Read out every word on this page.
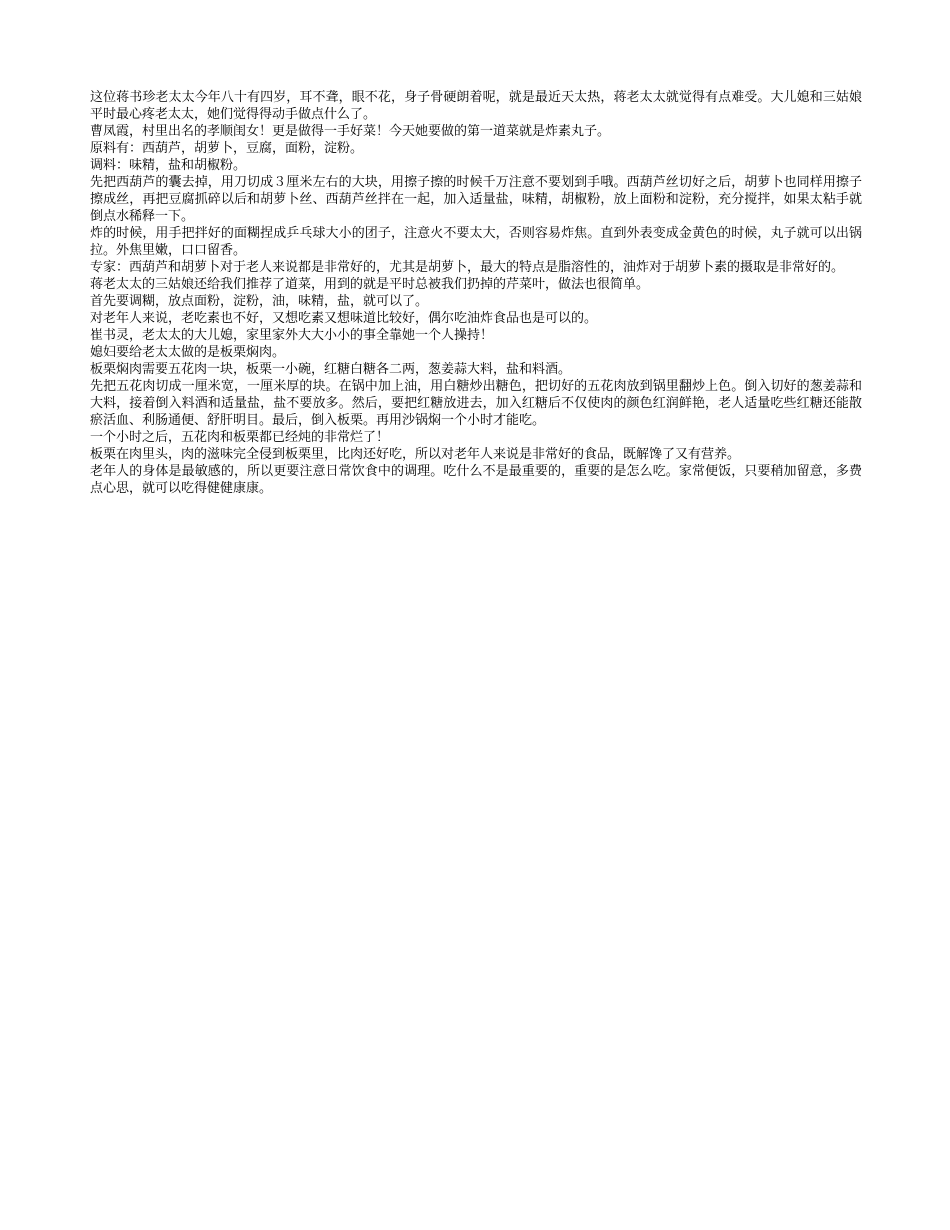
这位蒋书珍老太太今年八十有四岁，耳不聋，眼不花，身子骨硬朗着呢，就是最近天太热，蒋老太太就觉得有点难受。大儿媳和三姑娘平时最心疼老太太，她们觉得得动手做点什么了。

曹凤霞，村里出名的孝顺闺女！更是做得一手好菜！今天她要做的第一道菜就是炸素丸子。

原料有：西葫芦，胡萝卜，豆腐，面粉，淀粉。

调料：味精，盐和胡椒粉。

先把西葫芦的囊去掉，用刀切成３厘米左右的大块，用擦子擦的时候千万注意不要划到手哦。西葫芦丝切好之后，胡萝卜也同样用擦子擦成丝，再把豆腐抓碎以后和胡萝卜丝、西葫芦丝拌在一起，加入适量盐，味精，胡椒粉，放上面粉和淀粉，充分搅拌，如果太粘手就倒点水稀释一下。

炸的时候，用手把拌好的面糊捏成乒乓球大小的团子，注意火不要太大，否则容易炸焦。直到外表变成金黄色的时候，丸子就可以出锅拉。外焦里嫩，口口留香。

专家：西葫芦和胡萝卜对于老人来说都是非常好的，尤其是胡萝卜，最大的特点是脂溶性的，油炸对于胡萝卜素的摄取是非常好的。

蒋老太太的三姑娘还给我们推荐了道菜，用到的就是平时总被我们扔掉的芹菜叶，做法也很简单。

首先要调糊，放点面粉，淀粉，油，味精，盐，就可以了。

对老年人来说，老吃素也不好，又想吃素又想味道比较好，偶尔吃油炸食品也是可以的。

崔书灵，老太太的大儿媳，家里家外大大小小的事全靠她一个人操持！

媳妇要给老太太做的是板栗焖肉。

板栗焖肉需要五花肉一块，板栗一小碗，红糖白糖各二两，葱姜蒜大料，盐和料酒。

先把五花肉切成一厘米宽，一厘米厚的块。在锅中加上油，用白糖炒出糖色，把切好的五花肉放到锅里翻炒上色。倒入切好的葱姜蒜和大料，接着倒入料酒和适量盐，盐不要放多。然后，要把红糖放进去，加入红糖后不仅使肉的颜色红润鲜艳，老人适量吃些红糖还能散瘀活血、利肠通便、舒肝明目。最后，倒入板栗。再用沙锅焖一个小时才能吃。

一个小时之后，五花肉和板栗都已经炖的非常烂了！

板栗在肉里头，肉的滋味完全侵到板栗里，比肉还好吃，所以对老年人来说是非常好的食品，既解馋了又有营养。

老年人的身体是最敏感的，所以更要注意日常饮食中的调理。吃什么不是最重要的，重要的是怎么吃。家常便饭，只要稍加留意，多费点心思，就可以吃得健健康康。
